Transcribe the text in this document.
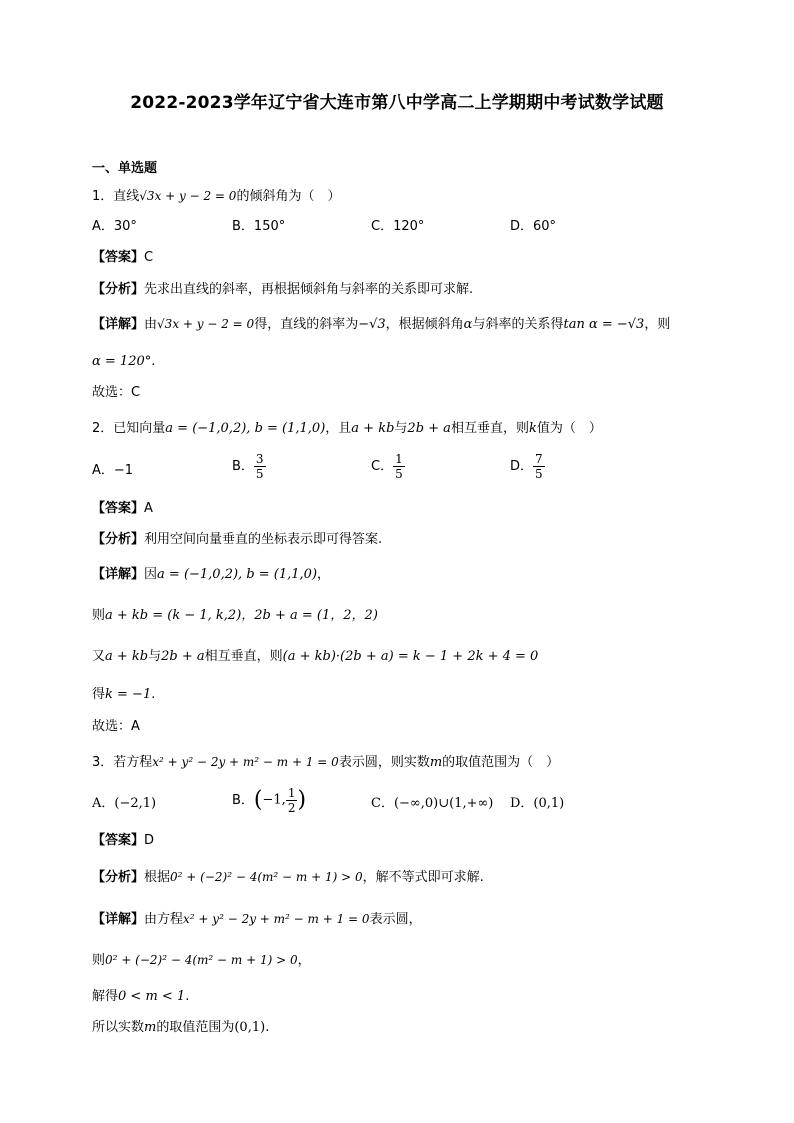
2022-2023学年辽宁省大连市第八中学高二上学期期中考试数学试题
一、单选题
1．直线√3x + y − 2 = 0的倾斜角为（　）
A．30°	B．150°	C．120°	D．60°
【答案】C
【分析】先求出直线的斜率，再根据倾斜角与斜率的关系即可求解.
【详解】由√3x + y − 2 = 0得，直线的斜率为−√3，根据倾斜角α与斜率的关系得tan α = −√3，则
α = 120°.
故选：C
2．已知向量a = (−1,0,2), b = (1,1,0)，且a + kb与2b + a相互垂直，则k值为（　）
A．−1	B． $\frac{3}{5}$	C． $\frac{1}{5}$	D． $\frac{7}{5}$
【答案】A
【分析】利用空间向量垂直的坐标表示即可得答案.
【详解】因a = (−1,0,2), b = (1,1,0)，
则a + kb = (k − 1, k,2)，2b + a = (1，2，2)
又a + kb与2b + a相互垂直，则(a + kb)·(2b + a) = k − 1 + 2k + 4 = 0
得k = −1.
故选：A
3．若方程x² + y² − 2y + m² − m + 1 = 0表示圆，则实数m的取值范围为（　）
A．(−2,1)	B．(−1, $\frac{1}{2}$ )	C．(−∞,0)∪(1,+∞) D．(0,1)
【答案】D
【分析】根据0² + (−2)² − 4(m² − m + 1) > 0，解不等式即可求解.
【详解】由方程x² + y² − 2y + m² − m + 1 = 0表示圆，
则0² + (−2)² − 4(m² − m + 1) > 0，
解得0 < m < 1.
所以实数m的取值范围为(0,1).
